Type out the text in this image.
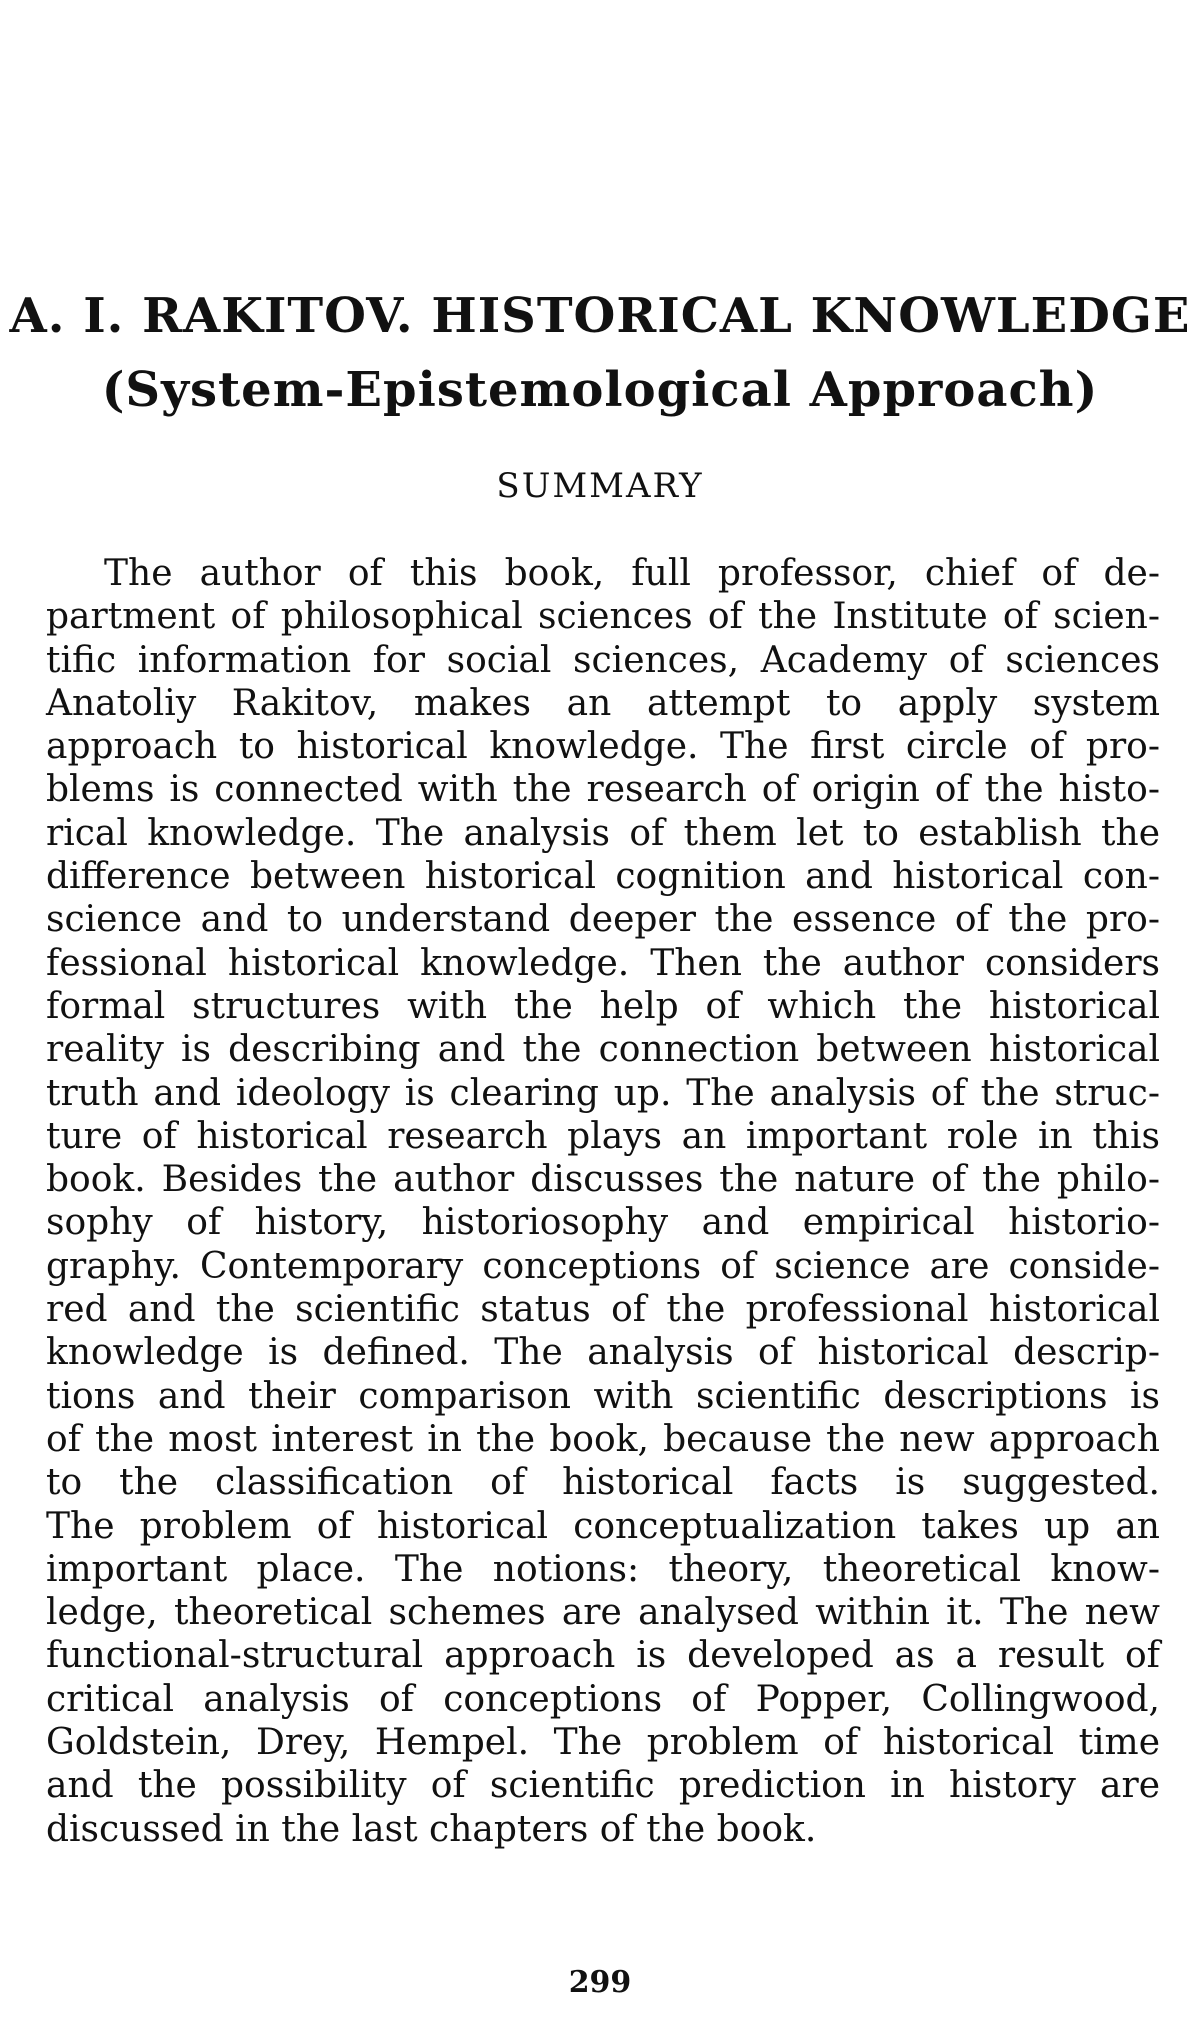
A. I. RAKITOV. HISTORICAL KNOWLEDGE
(System-Epistemological Approach)
SUMMARY
The author of this book, full professor, chief of de-
partment of philosophical sciences of the Institute of scien-
tific information for social sciences, Academy of sciences
Anatoliy Rakitov, makes an attempt to apply system
approach to historical knowledge. The first circle of pro-
blems is connected with the research of origin of the histo-
rical knowledge. The analysis of them let to establish the
difference between historical cognition and historical con-
science and to understand deeper the essence of the pro-
fessional historical knowledge. Then the author considers
formal structures with the help of which the historical
reality is describing and the connection between historical
truth and ideology is clearing up. The analysis of the struc-
ture of historical research plays an important role in this
book. Besides the author discusses the nature of the philo-
sophy of history, historiosophy and empirical historio-
graphy. Contemporary conceptions of science are conside-
red and the scientific status of the professional historical
knowledge is defined. The analysis of historical descrip-
tions and their comparison with scientific descriptions is
of the most interest in the book, because the new approach
to the classification of historical facts is suggested.
The problem of historical conceptualization takes up an
important place. The notions: theory, theoretical know-
ledge, theoretical schemes are analysed within it. The new
functional-structural approach is developed as a result of
critical analysis of conceptions of Popper, Collingwood,
Goldstein, Drey, Hempel. The problem of historical time
and the possibility of scientific prediction in history are
discussed in the last chapters of the book.
299
